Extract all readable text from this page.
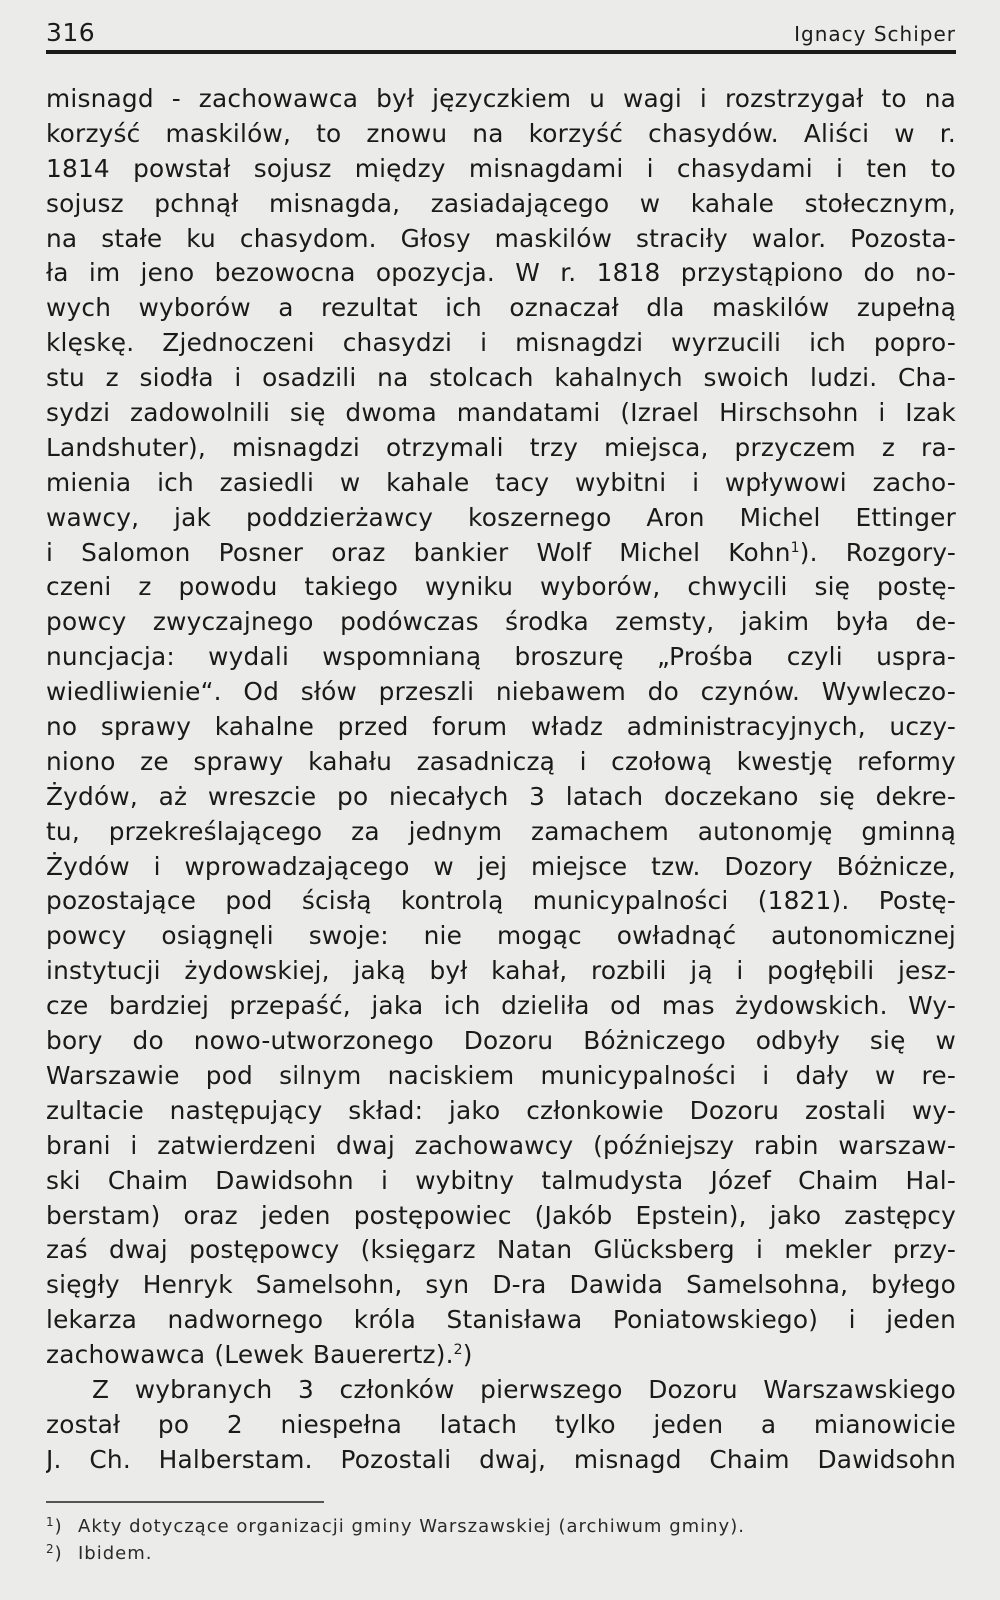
316	Ignacy Schiper
misnagd - zachowawca był języczkiem u wagi i rozstrzygał to na
korzyść maskilów, to znowu na korzyść chasydów. Aliści w r.
1814 powstał sojusz między misnagdami i chasydami i ten to
sojusz pchnął misnagda, zasiadającego w kahale stołecznym,
na stałe ku chasydom. Głosy maskilów straciły walor. Pozosta-
ła im jeno bezowocna opozycja. W r. 1818 przystąpiono do no-
wych wyborów a rezultat ich oznaczał dla maskilów zupełną
klęskę. Zjednoczeni chasydzi i misnagdzi wyrzucili ich popro-
stu z siodła i osadzili na stolcach kahalnych swoich ludzi. Cha-
sydzi zadowolnili się dwoma mandatami (Izrael Hirschsohn i Izak
Landshuter), misnagdzi otrzymali trzy miejsca, przyczem z ra-
mienia ich zasiedli w kahale tacy wybitni i wpływowi zacho-
wawcy, jak poddzierżawcy koszernego Aron Michel Ettinger
i Salomon Posner oraz bankier Wolf Michel Kohn$^1$). Rozgory-
czeni z powodu takiego wyniku wyborów, chwycili się postę-
powcy zwyczajnego podówczas środka zemsty, jakim była de-
nuncjacja: wydali wspomnianą broszurę „Prośba czyli uspra-
wiedliwienie“. Od słów przeszli niebawem do czynów. Wywleczo-
no sprawy kahalne przed forum władz administracyjnych, uczy-
niono ze sprawy kahału zasadniczą i czołową kwestję reformy
Żydów, aż wreszcie po niecałych 3 latach doczekano się dekre-
tu, przekreślającego za jednym zamachem autonomję gminną
Żydów i wprowadzającego w jej miejsce tzw. Dozory Bóżnicze,
pozostające pod ścisłą kontrolą municypalności (1821). Postę-
powcy osiągnęli swoje: nie mogąc owładnąć autonomicznej
instytucji żydowskiej, jaką był kahał, rozbili ją i pogłębili jesz-
cze bardziej przepaść, jaka ich dzieliła od mas żydowskich. Wy-
bory do nowo-utworzonego Dozoru Bóżniczego odbyły się w
Warszawie pod silnym naciskiem municypalności i dały w re-
zultacie następujący skład: jako członkowie Dozoru zostali wy-
brani i zatwierdzeni dwaj zachowawcy (późniejszy rabin warszaw-
ski Chaim Dawidsohn i wybitny talmudysta Józef Chaim Hal-
berstam) oraz jeden postępowiec (Jakób Epstein), jako zastępcy
zaś dwaj postępowcy (księgarz Natan Glücksberg i mekler przy-
sięgły Henryk Samelsohn, syn D-ra Dawida Samelsohna, byłego
lekarza nadwornego króla Stanisława Poniatowskiego) i jeden
zachowawca (Lewek Bauerertz).$^2$)
Z wybranych 3 członków pierwszego Dozoru Warszawskiego
został po 2 niespełna latach tylko jeden a mianowicie
J. Ch. Halberstam. Pozostali dwaj, misnagd Chaim Dawidsohn
$^1$) Akty dotyczące organizacji gminy Warszawskiej (archiwum gminy).
$^2$) Ibidem.
